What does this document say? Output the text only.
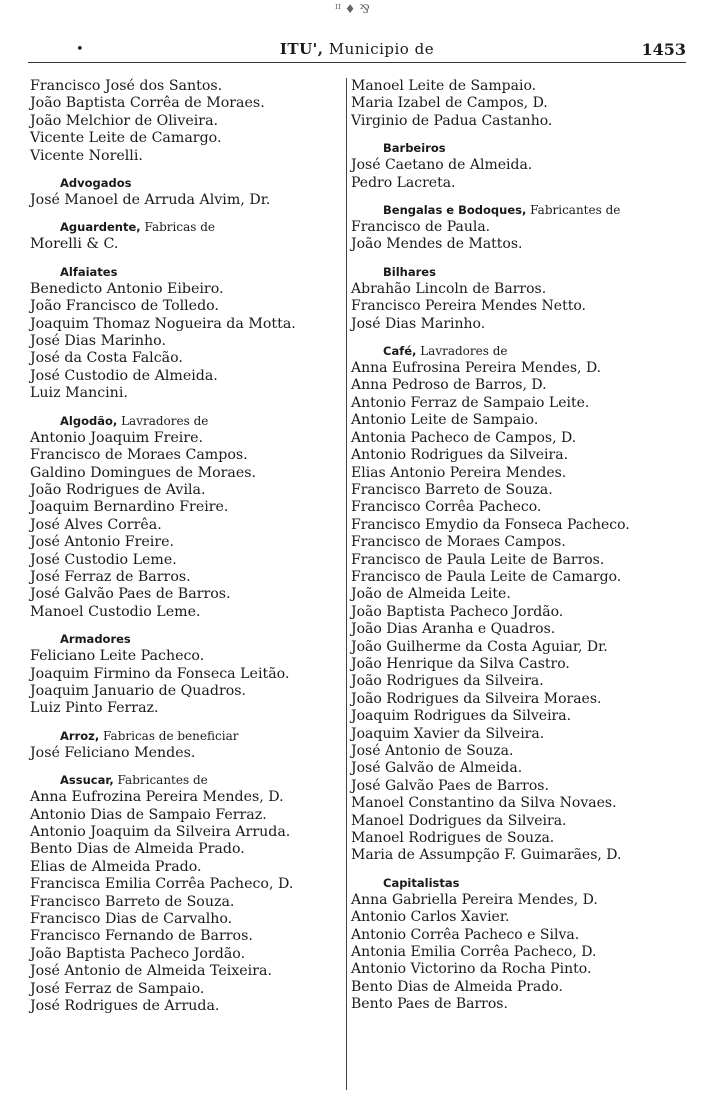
ᴵᴵ ♦ ⅋
•	ITU', Municipio de	1453
Francisco José dos Santos.
João Baptista Corrêa de Moraes.
João Melchior de Oliveira.
Vicente Leite de Camargo.
Vicente Norelli.
Advogados
José Manoel de Arruda Alvim, Dr.
Aguardente, Fabricas de
Morelli & C.
Alfaiates
Benedicto Antonio Eibeiro.
João Francisco de Tolledo.
Joaquim Thomaz Nogueira da Motta.
José Dias Marinho.
José da Costa Falcão.
José Custodio de Almeida.
Luiz Mancini.
Algodão, Lavradores de
Antonio Joaquim Freire.
Francisco de Moraes Campos.
Galdino Domingues de Moraes.
João Rodrigues de Avila.
Joaquim Bernardino Freire.
José Alves Corrêa.
José Antonio Freire.
José Custodio Leme.
José Ferraz de Barros.
José Galvão Paes de Barros.
Manoel Custodio Leme.
Armadores
Feliciano Leite Pacheco.
Joaquim Firmino da Fonseca Leitão.
Joaquim Januario de Quadros.
Luiz Pinto Ferraz.
Arroz, Fabricas de beneficiar
José Feliciano Mendes.
Assucar, Fabricantes de
Anna Eufrozina Pereira Mendes, D.
Antonio Dias de Sampaio Ferraz.
Antonio Joaquim da Silveira Arruda.
Bento Dias de Almeida Prado.
Elias de Almeida Prado.
Francisca Emilia Corrêa Pacheco, D.
Francisco Barreto de Souza.
Francisco Dias de Carvalho.
Francisco Fernando de Barros.
João Baptista Pacheco Jordão.
José Antonio de Almeida Teixeira.
José Ferraz de Sampaio.
José Rodrigues de Arruda.
Manoel Leite de Sampaio.
Maria Izabel de Campos, D.
Virginio de Padua Castanho.
Barbeiros
José Caetano de Almeida.
Pedro Lacreta.
Bengalas e Bodoques, Fabricantes de
Francisco de Paula.
João Mendes de Mattos.
Bilhares
Abrahão Lincoln de Barros.
Francisco Pereira Mendes Netto.
José Dias Marinho.
Café, Lavradores de
Anna Eufrosina Pereira Mendes, D.
Anna Pedroso de Barros, D.
Antonio Ferraz de Sampaio Leite.
Antonio Leite de Sampaio.
Antonia Pacheco de Campos, D.
Antonio Rodrigues da Silveira.
Elias Antonio Pereira Mendes.
Francisco Barreto de Souza.
Francisco Corrêa Pacheco.
Francisco Emydio da Fonseca Pacheco.
Francisco de Moraes Campos.
Francisco de Paula Leite de Barros.
Francisco de Paula Leite de Camargo.
João de Almeida Leite.
João Baptista Pacheco Jordão.
João Dias Aranha e Quadros.
João Guilherme da Costa Aguiar, Dr.
João Henrique da Silva Castro.
João Rodrigues da Silveira.
João Rodrigues da Silveira Moraes.
Joaquim Rodrigues da Silveira.
Joaquim Xavier da Silveira.
José Antonio de Souza.
José Galvão de Almeida.
José Galvão Paes de Barros.
Manoel Constantino da Silva Novaes.
Manoel Dodrigues da Silveira.
Manoel Rodrigues de Souza.
Maria de Assumpção F. Guimarães, D.
Capitalistas
Anna Gabriella Pereira Mendes, D.
Antonio Carlos Xavier.
Antonio Corrêa Pacheco e Silva.
Antonia Emilia Corrêa Pacheco, D.
Antonio Victorino da Rocha Pinto.
Bento Dias de Almeida Prado.
Bento Paes de Barros.
